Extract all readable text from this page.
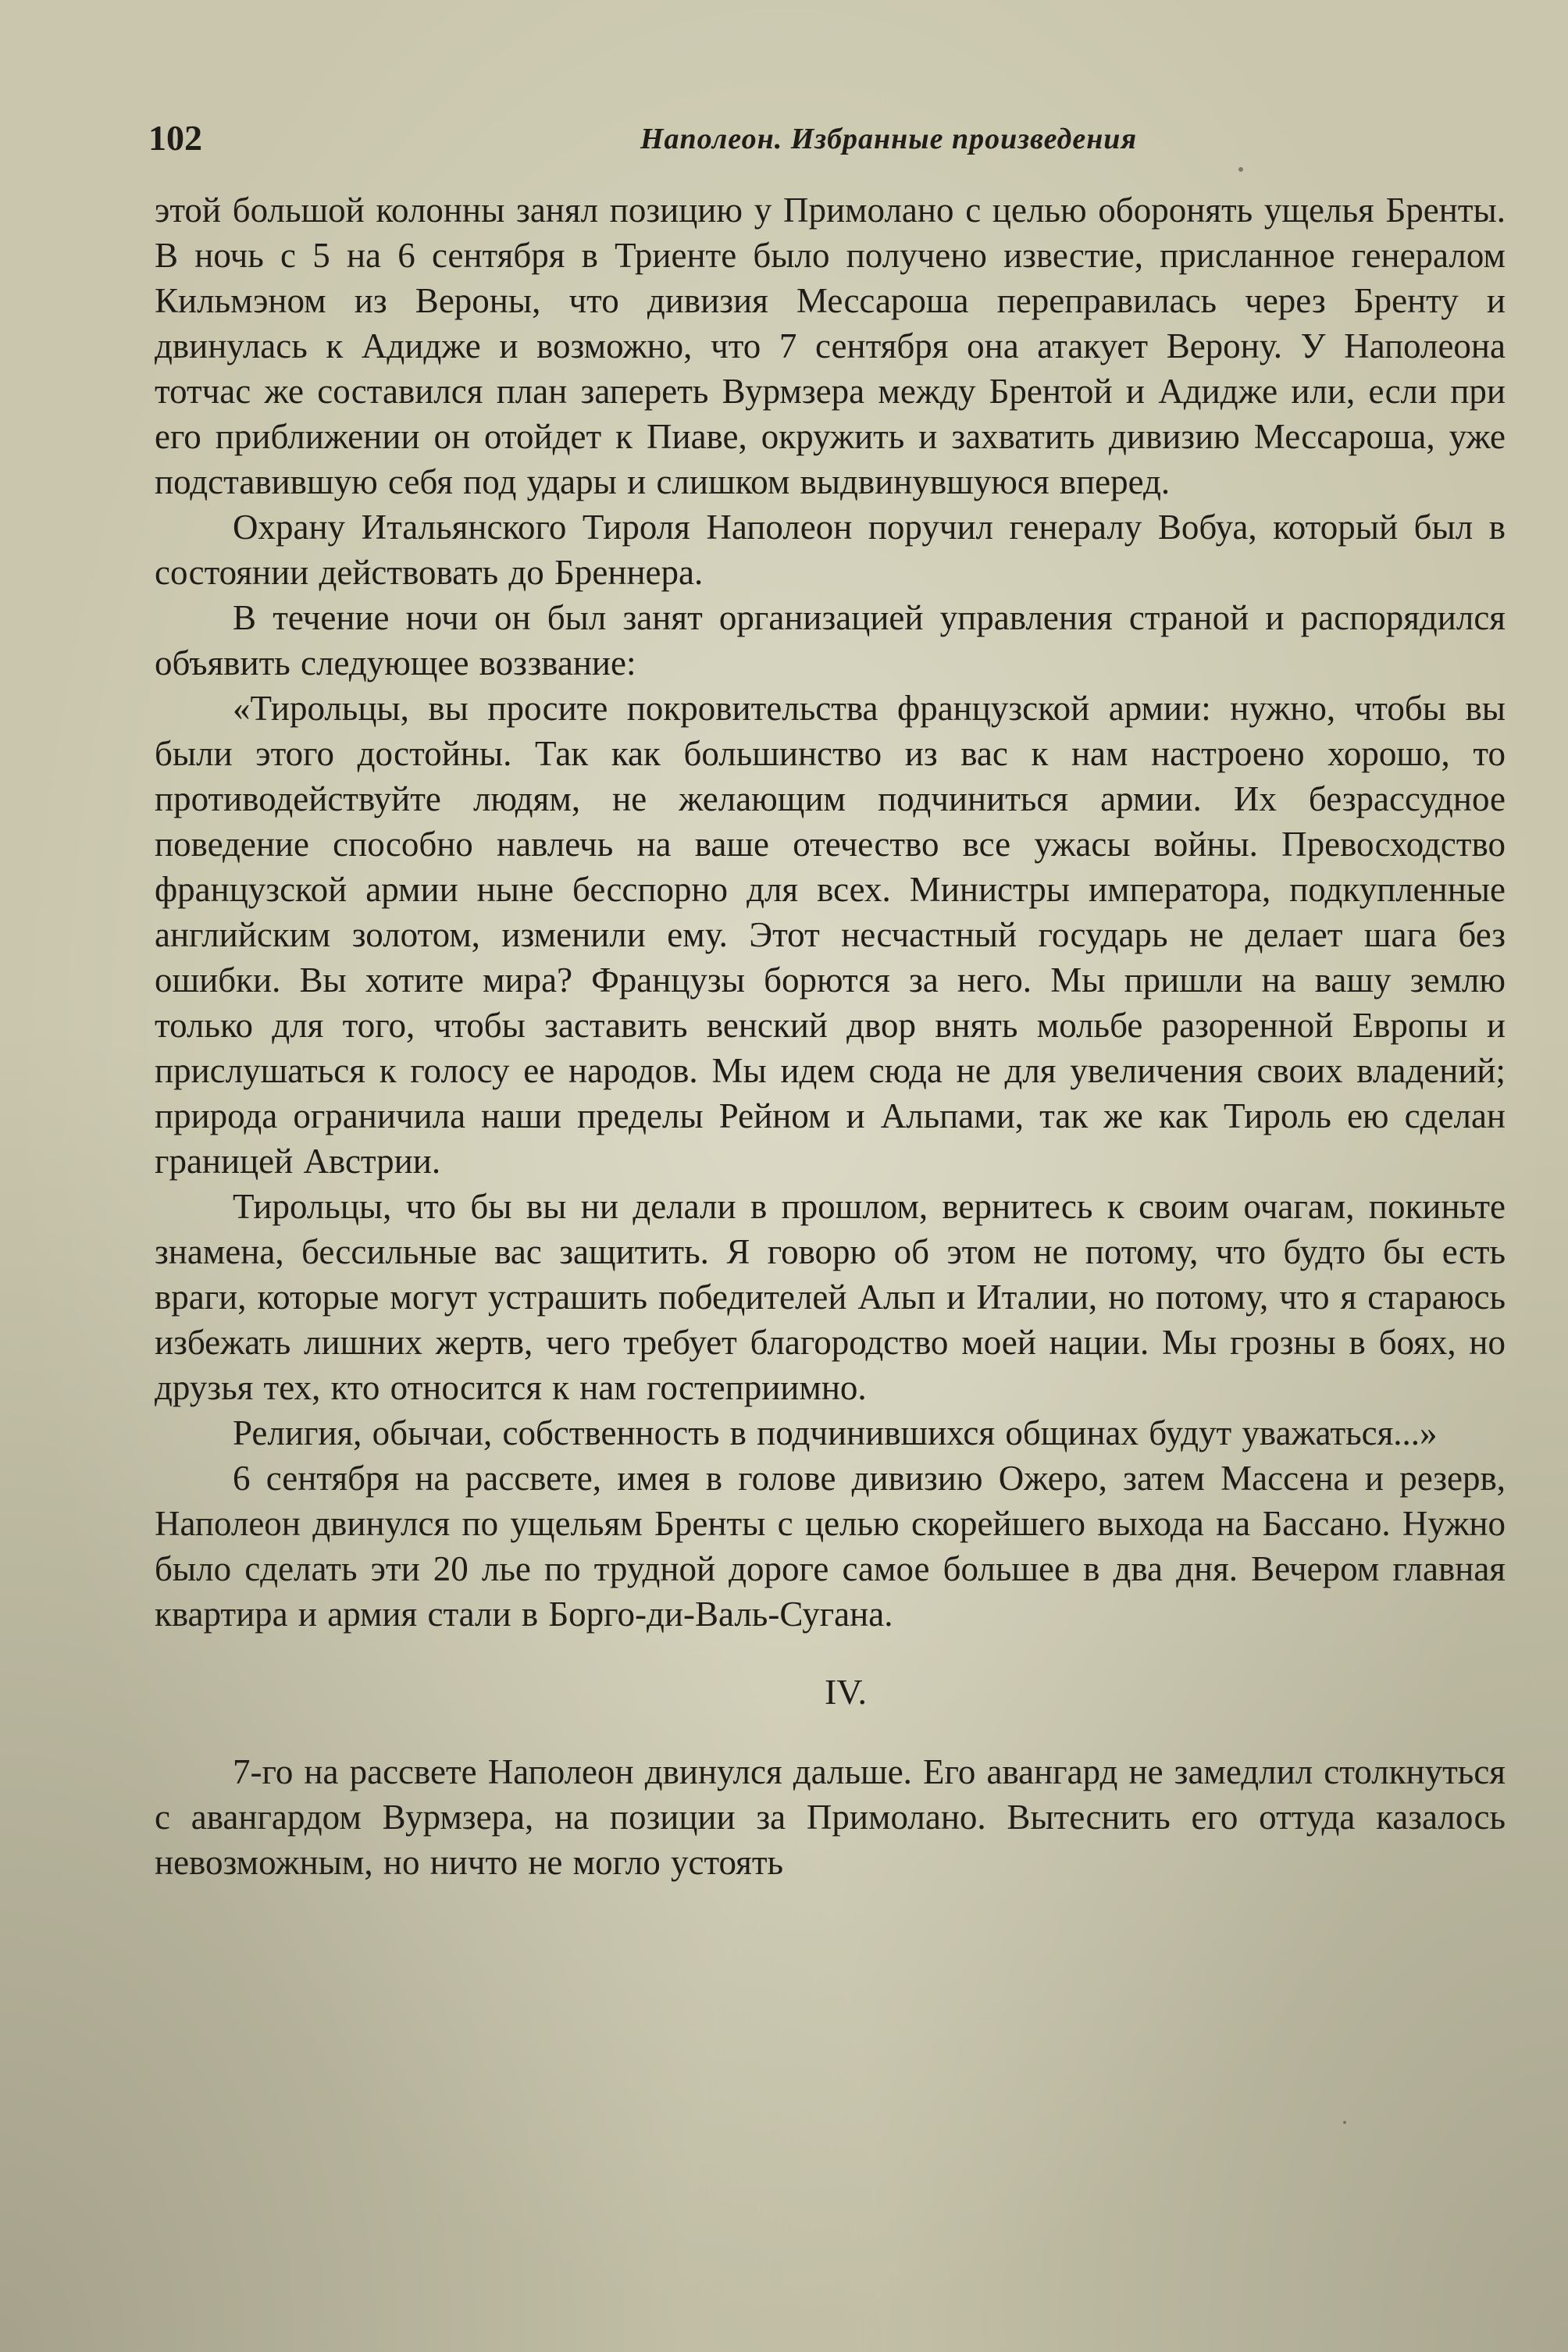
102	Наполеон. Избранные произведения

этой большой колонны занял позицию у Примолано с целью оборонять ущелья Бренты. В ночь с 5 на 6 сентября в Триенте было получено известие, присланное генералом Кильмэном из Вероны, что дивизия Мессароша переправилась через Бренту и двинулась к Адидже и возможно, что 7 сентября она атакует Верону. У Наполеона тотчас же составился план запереть Вурмзера между Брентой и Адидже или, если при его приближении он отойдет к Пиаве, окружить и захватить дивизию Мессароша, уже подставившую себя под удары и слишком выдвинувшуюся вперед.

Охрану Итальянского Тироля Наполеон поручил генералу Вобуа, который был в состоянии действовать до Бреннера.

В течение ночи он был занят организацией управления страной и распорядился объявить следующее воззвание:

«Тирольцы, вы просите покровительства французской армии: нужно, чтобы вы были этого достойны. Так как большинство из вас к нам настроено хорошо, то противодействуйте людям, не желающим подчиниться армии. Их безрассудное поведение способно навлечь на ваше отечество все ужасы войны. Превосходство французской армии ныне бесспорно для всех. Министры императора, подкупленные английским золотом, изменили ему. Этот несчастный государь не делает шага без ошибки. Вы хотите мира? Французы борются за него. Мы пришли на вашу землю только для того, чтобы заставить венский двор внять мольбе разоренной Европы и прислушаться к голосу ее народов. Мы идем сюда не для увеличения своих владений; природа ограничила наши пределы Рейном и Альпами, так же как Тироль ею сделан границей Австрии.

Тирольцы, что бы вы ни делали в прошлом, вернитесь к своим очагам, покиньте знамена, бессильные вас защитить. Я говорю об этом не потому, что будто бы есть враги, которые могут устрашить победителей Альп и Италии, но потому, что я стараюсь избежать лишних жертв, чего требует благородство моей нации. Мы грозны в боях, но друзья тех, кто относится к нам гостеприимно.

Религия, обычаи, собственность в подчинившихся общинах будут уважаться...»

6 сентября на рассвете, имея в голове дивизию Ожеро, затем Массена и резерв, Наполеон двинулся по ущельям Бренты с целью скорейшего выхода на Бассано. Нужно было сделать эти 20 лье по трудной дороге самое большее в два дня. Вечером главная квартира и армия стали в Борго-ди-Валь-Сугана.

IV.

7-го на рассвете Наполеон двинулся дальше. Его авангард не замедлил столкнуться с авангардом Вурмзера, на позиции за Примолано. Вытеснить его оттуда казалось невозможным, но ничто не могло устоять
